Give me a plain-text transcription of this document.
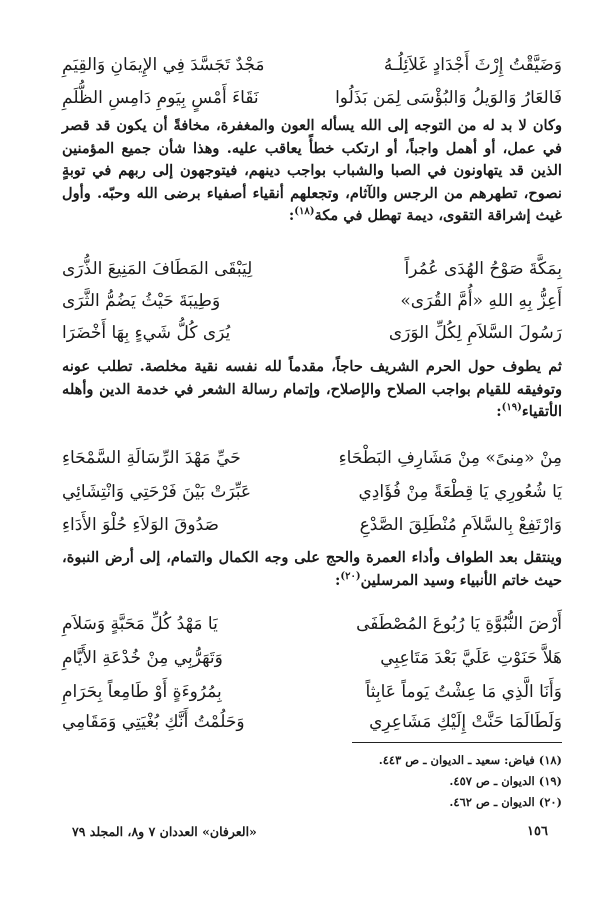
وَضَيَّقْتُ إِرْثَ أَجْدَادٍ غَلاَئِلُـهُ
مَجْدٌ تَجَسَّدَ فِي الإِيمَانِ وَالقِيَمِ
فَالعَارُ وَالوَيلُ وَالبُؤْسَى لِمَن بَذَلُوا
نَقَاءَ أَمْسٍ بِيَومِ دَامِسِ الظُّلَمِ
وكان لا بد له من التوجه إلى الله يسأله العون والمغفرة، مخافةً أن يكون قد قصر في عمل، أو أهمل واجباً، أو ارتكب خطأً يعاقب عليه. وهذا شأن جميع المؤمنين الذين قد يتهاونون في الصبا والشباب بواجب دينهم، فيتوجهون إلى ربهم في توبةٍ نصوح، تطهرهم من الرجس والآثام، وتجعلهم أنقياء أصفياء برضى الله وحبّه. وأول غيث إشراقة التقوى، ديمة تهطل في مكة$^{(١٨)}$:
بِمَكَّةَ صَوْحُ الهُدَى عُمُراً
لِيَبْقَى المَطَافَ المَنِيعَ الذُّرَى
أَعِزُّ بِهِ اللهِ «أُمَّ القُرَى»
وَطِيبَةَ حَيْثُ يَضُمُّ الثَّرَى
رَسُولَ السَّلاَمِ لِكُلِّ الوَرَى
يُرَى كُلُّ شَيءٍ بِهَا أَخْضَرَا
ثم يطوف حول الحرم الشريف حاجاً، مقدماً لله نفسه نقية مخلصة. تطلب عونه وتوفيقه للقيام بواجب الصلاح والإصلاح، وإتمام رسالة الشعر في خدمة الدين وأهله الأتقياء$^{(١٩)}$:
مِنْ «مِنىً» مِنْ مَشَارِفِ البَطْحَاءِ
حَيِّ مَهْدَ الرِّسَالَةِ السَّمْحَاءِ
يَا شُعُورِي يَا قِطْعَةً مِنْ فُؤَادِي
عَبِّرَتْ بَيْنَ فَرْحَتِي وَانْتِشَائِي
وَارْتَفِعْ بِالسَّلاَمِ مُنْطَلِقَ الصَّدْعِ
صَدُوقَ الوَلاَءِ حُلْوَ الأَدَاءِ
وينتقل بعد الطواف وأداء العمرة والحج على وجه الكمال والتمام، إلى أرض النبوة، حيث خاتم الأنبياء وسيد المرسلين$^{(٢٠)}$:
أَرْضَ النُّبُوَّةِ يَا رُبُوعَ المُصْطَفَى
يَا مَهْدُ كُلِّ مَحَبَّةٍ وَسَلاَمِ
هَلاَّ حَنَوْتِ عَلَيَّ بَعْدَ مَتَاعِبِي
وَتَهَرُّبِي مِنْ خُدْعَةِ الأَيَّامِ
وَأَنَا الَّذِي مَا عِشْتُ يَوماً عَابِثاً
بِمُرُوءَةٍ أَوْ طَامِعاً بِحَرَامِ
وَلَطَالَمَا حَنَّتْ إِلَيْكِ مَشَاعِرِي
وَحَلُمْتُ أَنَّكِ بُغْيَتِي وَمَقَامِي
(١٨) فياض: سعيد ـ الديوان ـ ص ٤٤٣.
(١٩) الديوان ـ ص ٤٥٧.
(٢٠) الديوان ـ ص ٤٦٢.
١٥٦
«العرفان» العددان ٧ و٨، المجلد ٧٩
